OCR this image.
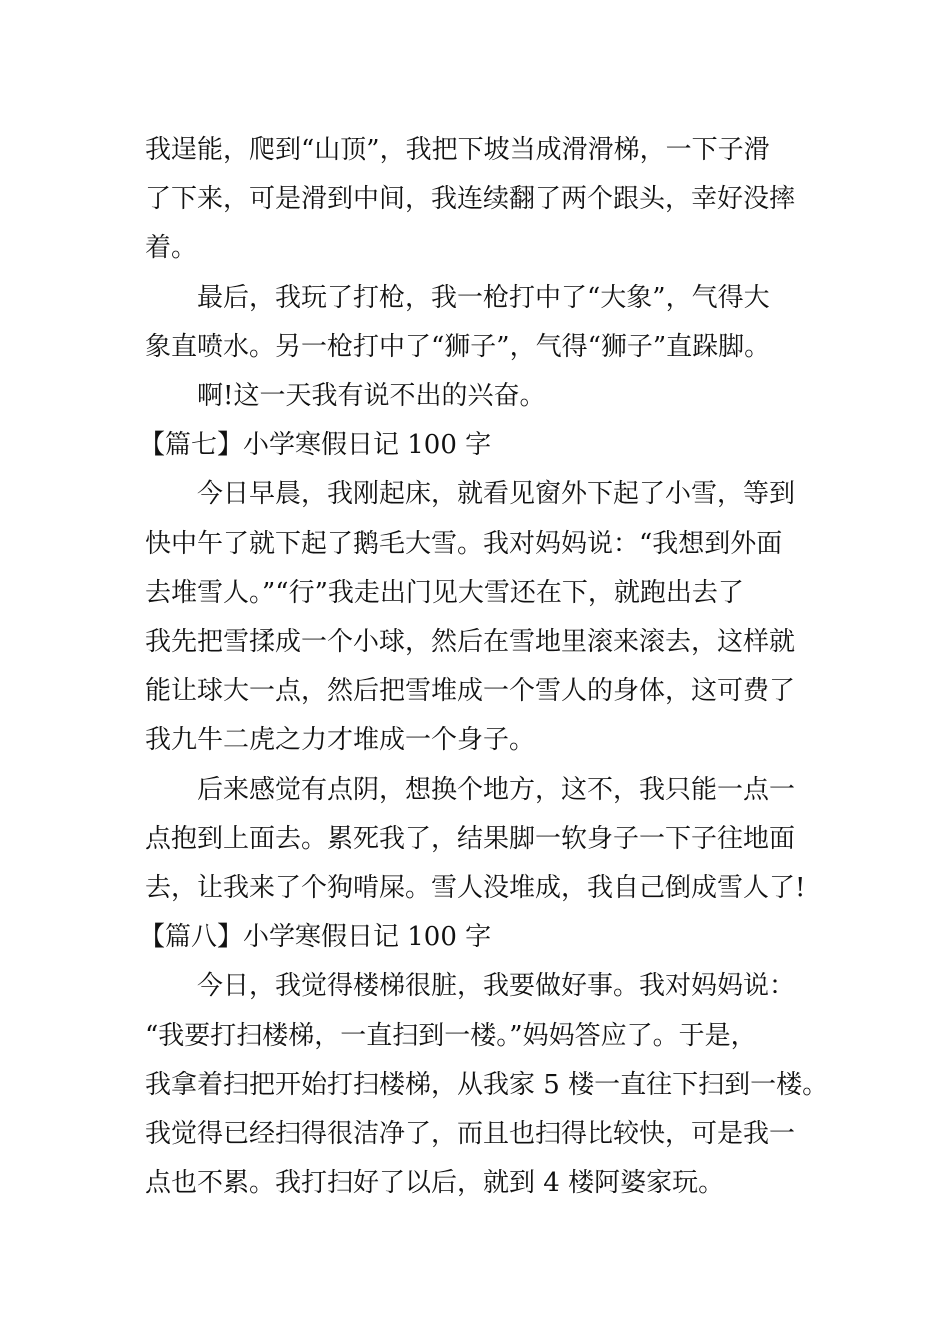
我逞能，爬到“山顶”，我把下坡当成滑滑梯，一下子滑
了下来，可是滑到中间，我连续翻了两个跟头，幸好没摔
着。

最后，我玩了打枪，我一枪打中了“大象”，气得大
象直喷水。另一枪打中了“狮子”，气得“狮子”直跺脚。

啊!这一天我有说不出的兴奋。

【篇七】小学寒假日记 100 字

今日早晨，我刚起床，就看见窗外下起了小雪，等到
快中午了就下起了鹅毛大雪。我对妈妈说：“我想到外面
去堆雪人。”“行”我走出门见大雪还在下，就跑出去了
我先把雪揉成一个小球，然后在雪地里滚来滚去，这样就
能让球大一点，然后把雪堆成一个雪人的身体，这可费了
我九牛二虎之力才堆成一个身子。

后来感觉有点阴，想换个地方，这不，我只能一点一
点抱到上面去。累死我了，结果脚一软身子一下子往地面
去，让我来了个狗啃屎。雪人没堆成，我自己倒成雪人了!

【篇八】小学寒假日记 100 字

今日，我觉得楼梯很脏，我要做好事。我对妈妈说：
“我要打扫楼梯，一直扫到一楼。”妈妈答应了。于是，
我拿着扫把开始打扫楼梯，从我家 5 楼一直往下扫到一楼。
我觉得已经扫得很洁净了，而且也扫得比较快，可是我一
点也不累。我打扫好了以后，就到 4 楼阿婆家玩。
